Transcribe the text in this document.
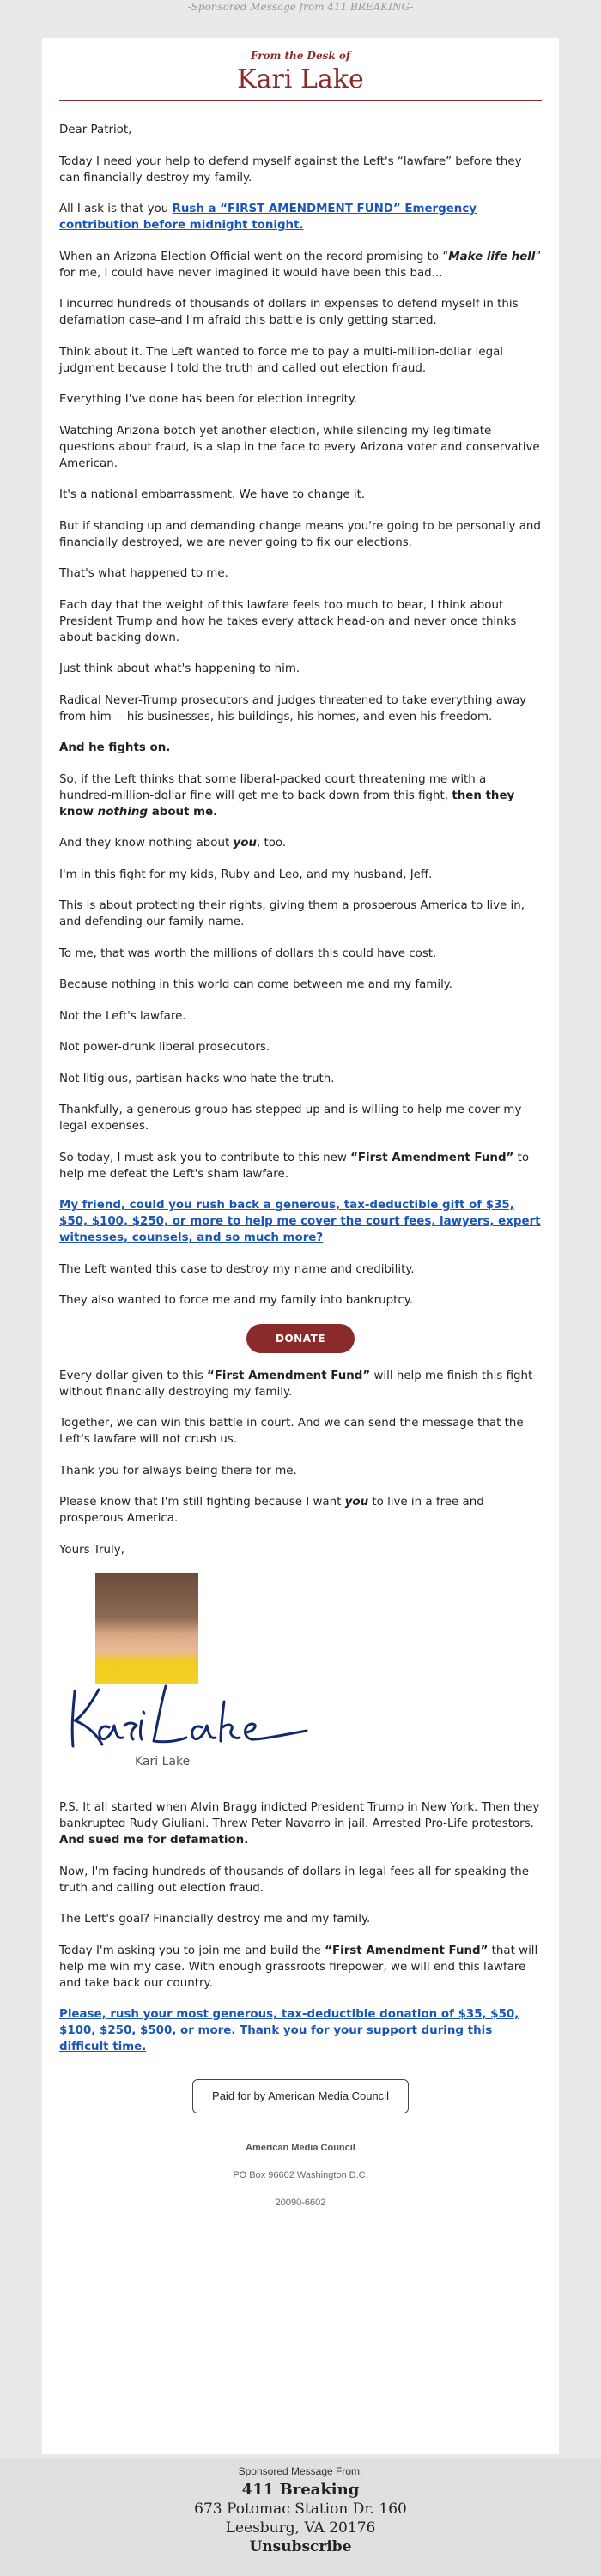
-Sponsored Message from 411 BREAKING-
From the Desk of
Kari Lake

Dear Patriot,

Today I need your help to defend myself against the Left's “lawfare” before they can financially destroy my family.

All I ask is that you Rush a “FIRST AMENDMENT FUND” Emergency contribution before midnight tonight.

When an Arizona Election Official went on the record promising to “Make life hell” for me, I could have never imagined it would have been this bad...

I incurred hundreds of thousands of dollars in expenses to defend myself in this defamation case–and I'm afraid this battle is only getting started.

Think about it. The Left wanted to force me to pay a multi-million-dollar legal judgment because I told the truth and called out election fraud.

Everything I've done has been for election integrity.

Watching Arizona botch yet another election, while silencing my legitimate questions about fraud, is a slap in the face to every Arizona voter and conservative American.

It's a national embarrassment. We have to change it.

But if standing up and demanding change means you're going to be personally and financially destroyed, we are never going to fix our elections.

That's what happened to me.

Each day that the weight of this lawfare feels too much to bear, I think about President Trump and how he takes every attack head-on and never once thinks about backing down.

Just think about what's happening to him.

Radical Never-Trump prosecutors and judges threatened to take everything away from him -- his businesses, his buildings, his homes, and even his freedom.

And he fights on.

So, if the Left thinks that some liberal-packed court threatening me with a hundred-million-dollar fine will get me to back down from this fight, then they know nothing about me.

And they know nothing about you, too.

I'm in this fight for my kids, Ruby and Leo, and my husband, Jeff.

This is about protecting their rights, giving them a prosperous America to live in, and defending our family name.

To me, that was worth the millions of dollars this could have cost.

Because nothing in this world can come between me and my family.

Not the Left's lawfare.

Not power-drunk liberal prosecutors.

Not litigious, partisan hacks who hate the truth.

Thankfully, a generous group has stepped up and is willing to help me cover my legal expenses.

So today, I must ask you to contribute to this new “First Amendment Fund” to help me defeat the Left's sham lawfare.

My friend, could you rush back a generous, tax-deductible gift of $35, $50, $100, $250, or more to help me cover the court fees, lawyers, expert witnesses, counsels, and so much more?

The Left wanted this case to destroy my name and credibility.

They also wanted to force me and my family into bankruptcy.

DONATE

Every dollar given to this “First Amendment Fund” will help me finish this fight-without financially destroying my family.

Together, we can win this battle in court. And we can send the message that the Left's lawfare will not crush us.

Thank you for always being there for me.

Please know that I'm still fighting because I want you to live in a free and prosperous America.

Yours Truly,

Kari Lake

P.S. It all started when Alvin Bragg indicted President Trump in New York. Then they bankrupted Rudy Giuliani. Threw Peter Navarro in jail. Arrested Pro-Life protestors. And sued me for defamation.

Now, I'm facing hundreds of thousands of dollars in legal fees all for speaking the truth and calling out election fraud.

The Left's goal? Financially destroy me and my family.

Today I'm asking you to join me and build the “First Amendment Fund” that will help me win my case. With enough grassroots firepower, we will end this lawfare and take back our country.

Please, rush your most generous, tax-deductible donation of $35, $50, $100, $250, $500, or more. Thank you for your support during this difficult time.

Paid for by American Media Council
American Media Council

PO Box 96602 Washington D.C.

20090-6602
Sponsored Message From:
411 Breaking
673 Potomac Station Dr. 160
Leesburg, VA 20176
Unsubscribe
